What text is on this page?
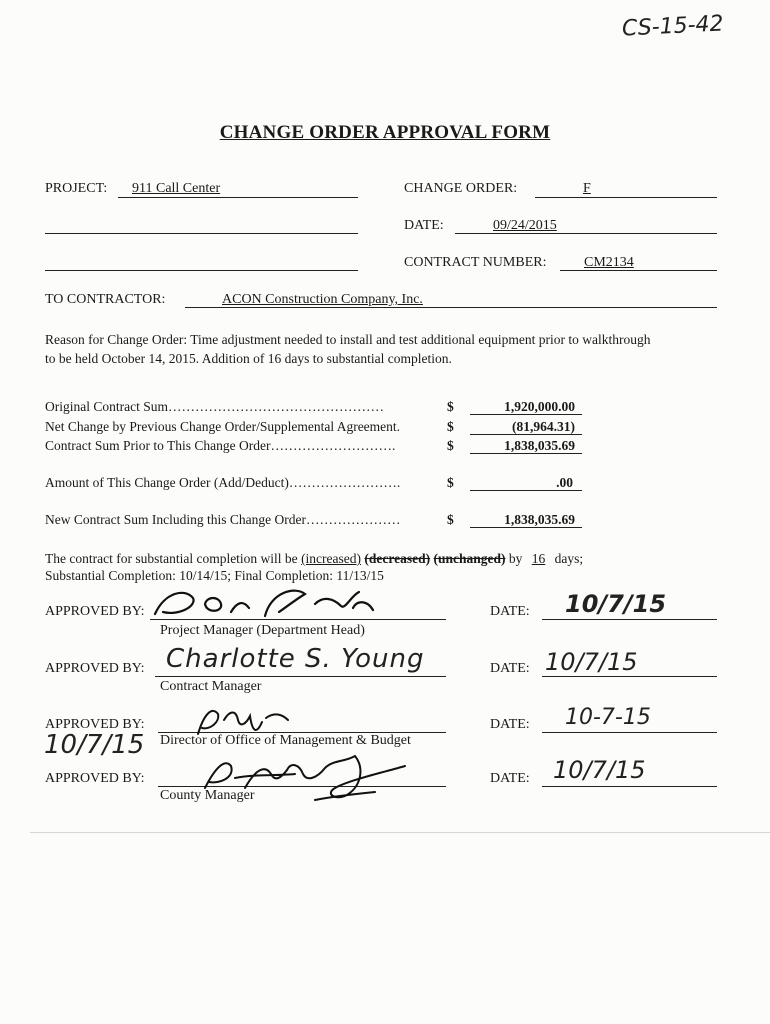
CS-15-42
CHANGE ORDER APPROVAL FORM
PROJECT: 911 Call Center	CHANGE ORDER:	F
DATE:	09/24/2015
CONTRACT NUMBER:	CM2134
TO CONTRACTOR:	ACON Construction Company, Inc.
Reason for Change Order: Time adjustment needed to install and test additional equipment prior to walkthrough
to be held October 14, 2015. Addition of 16 days to substantial completion.
Original Contract Sum…………………………………………	$	1,920,000.00
Net Change by Previous Change Order/Supplemental Agreement.	$	(81,964.31)
Contract Sum Prior to This Change Order……………………….	$	1,838,035.69
Amount of This Change Order (Add/Deduct)…………………….	$	.00
New Contract Sum Including this Change Order…………………	$	1,838,035.69
The contract for substantial completion will be (increased) (decreased) (unchanged) by 16 days;
Substantial Completion: 10/14/15; Final Completion: 11/13/15
APPROVED BY:
Project Manager (Department Head)
DATE: 10/7/15
APPROVED BY: Charlotte S. Young
Contract Manager
DATE: 10/7/15
APPROVED BY:
10/7/15 Director of Office of Management & Budget
DATE: 10-7-15
APPROVED BY:
County Manager
DATE: 10/7/15
